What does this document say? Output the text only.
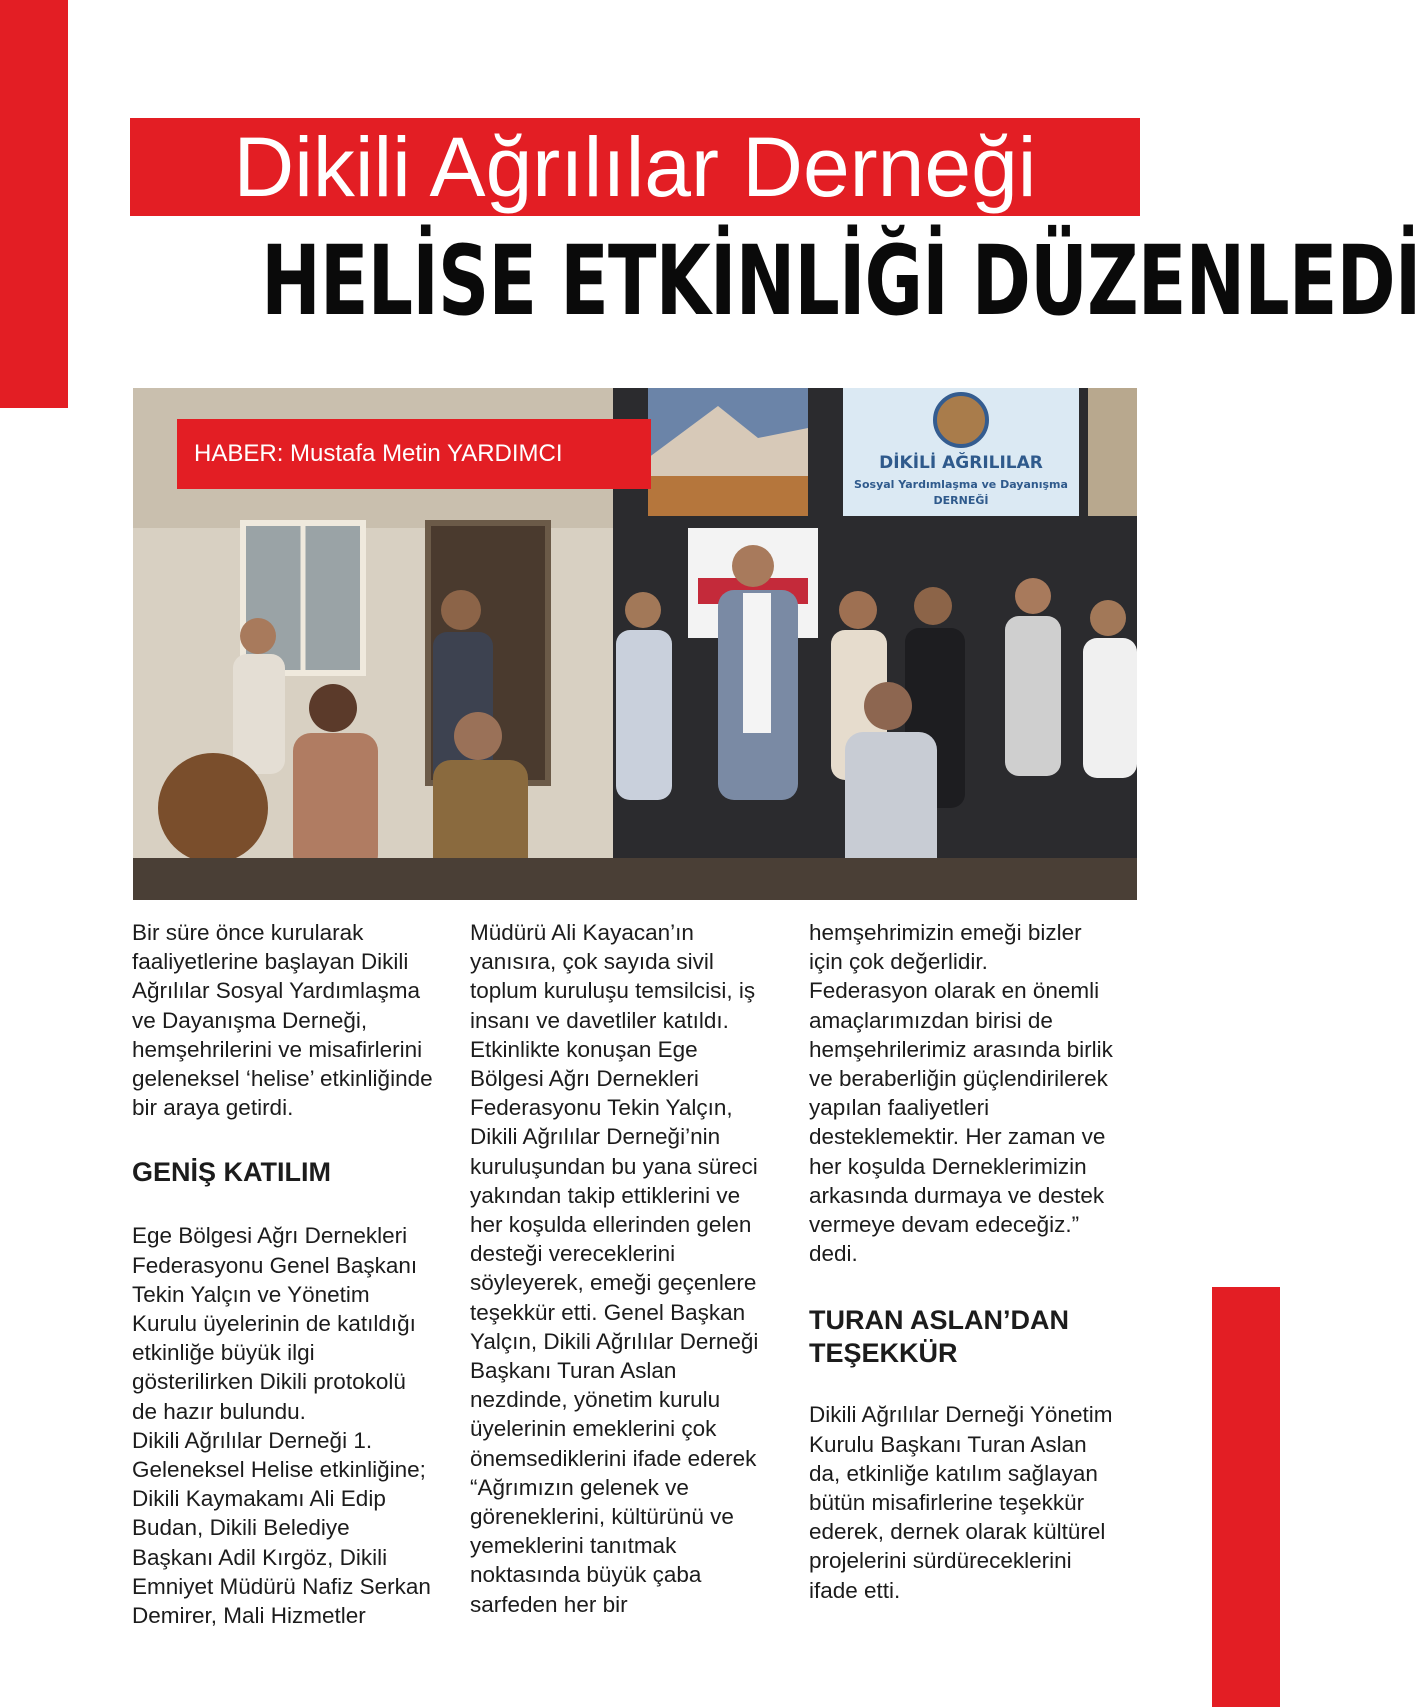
Dikili Ağrılılar Derneği
HELİSE ETKİNLİĞİ DÜZENLEDİ
DİKİLİ AĞRILILAR
Sosyal Yardımlaşma ve Dayanışma
DERNEĞİ
HABER: Mustafa Metin YARDIMCI

Bir süre önce kurularak
faaliyetlerine başlayan Dikili
Ağrılılar Sosyal Yardımlaşma
ve Dayanışma Derneği,
hemşehrilerini ve misafirlerini
geleneksel ‘helise’ etkinliğinde
bir araya getirdi.

GENİŞ KATILIM

Ege Bölgesi Ağrı Dernekleri
Federasyonu Genel Başkanı
Tekin Yalçın ve Yönetim
Kurulu üyelerinin de katıldığı
etkinliğe büyük ilgi
gösterilirken Dikili protokolü
de hazır bulundu.
Dikili Ağrılılar Derneği 1.
Geleneksel Helise etkinliğine;
Dikili Kaymakamı Ali Edip
Budan, Dikili Belediye
Başkanı Adil Kırgöz, Dikili
Emniyet Müdürü Nafiz Serkan
Demirer, Mali Hizmetler

Müdürü Ali Kayacan’ın
yanısıra, çok sayıda sivil
toplum kuruluşu temsilcisi, iş
insanı ve davetliler katıldı.
Etkinlikte konuşan Ege
Bölgesi Ağrı Dernekleri
Federasyonu Tekin Yalçın,
Dikili Ağrılılar Derneği’nin
kuruluşundan bu yana süreci
yakından takip ettiklerini ve
her koşulda ellerinden gelen
desteği vereceklerini
söyleyerek, emeği geçenlere
teşekkür etti. Genel Başkan
Yalçın, Dikili Ağrılılar Derneği
Başkanı Turan Aslan
nezdinde, yönetim kurulu
üyelerinin emeklerini çok
önemsediklerini ifade ederek
“Ağrımızın gelenek ve
göreneklerini, kültürünü ve
yemeklerini tanıtmak
noktasında büyük çaba
sarfeden her bir

hemşehrimizin emeği bizler
için çok değerlidir.
Federasyon olarak en önemli
amaçlarımızdan birisi de
hemşehrilerimiz arasında birlik
ve beraberliğin güçlendirilerek
yapılan faaliyetleri
desteklemektir. Her zaman ve
her koşulda Derneklerimizin
arkasında durmaya ve destek
vermeye devam edeceğiz.”
dedi.

TURAN ASLAN’DAN
TEŞEKKÜR

Dikili Ağrılılar Derneği Yönetim
Kurulu Başkanı Turan Aslan
da, etkinliğe katılım sağlayan
bütün misafirlerine teşekkür
ederek, dernek olarak kültürel
projelerini sürdüreceklerini
ifade etti.
